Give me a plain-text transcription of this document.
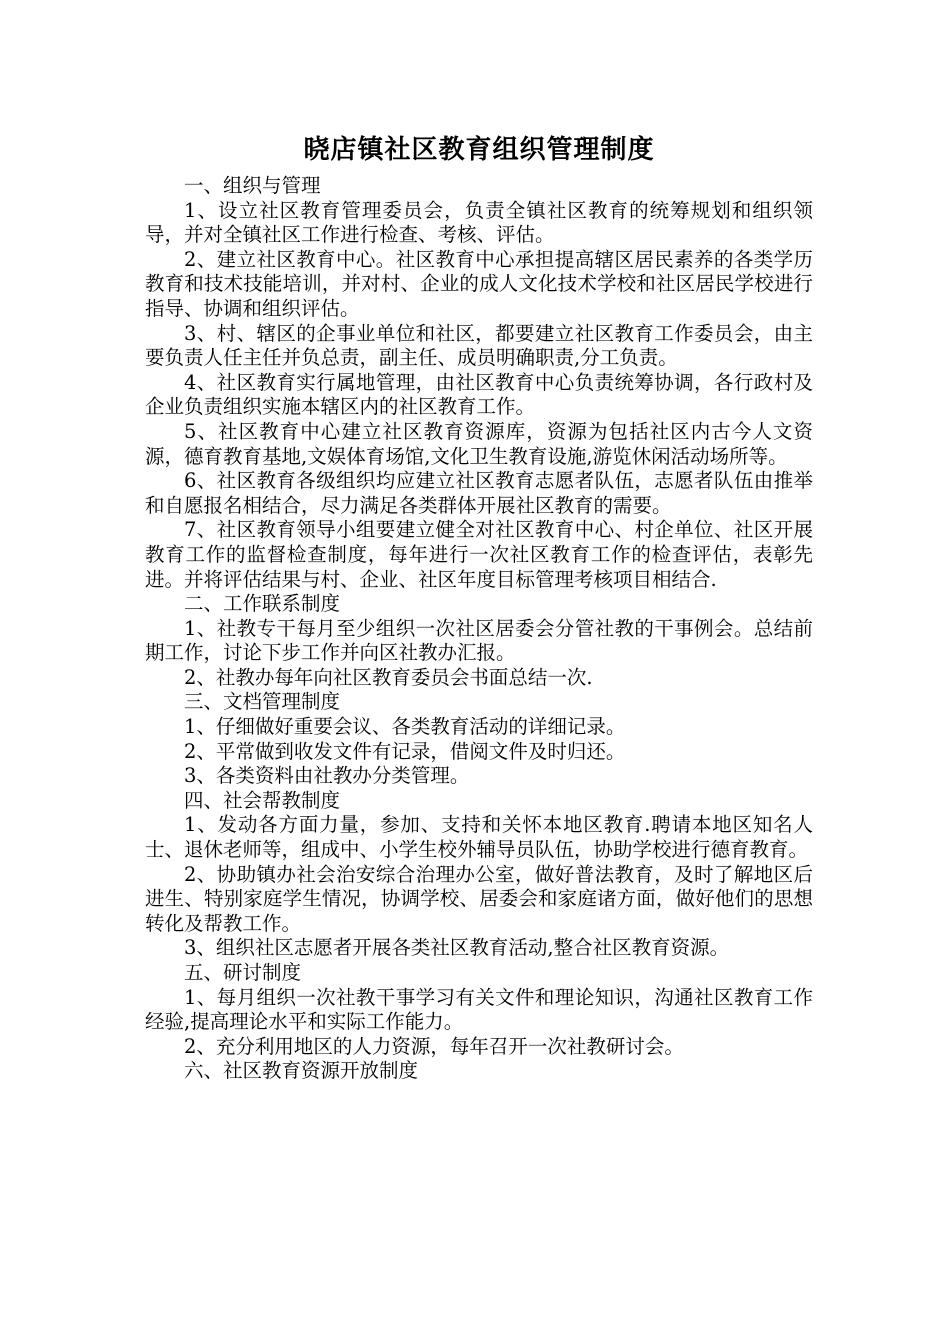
晓店镇社区教育组织管理制度

一、组织与管理

1、设立社区教育管理委员会，负责全镇社区教育的统筹规划和组织领导，并对全镇社区工作进行检查、考核、评估。

2、建立社区教育中心。社区教育中心承担提高辖区居民素养的各类学历教育和技术技能培训，并对村、企业的成人文化技术学校和社区居民学校进行指导、协调和组织评估。

3、村、辖区的企事业单位和社区，都要建立社区教育工作委员会，由主要负责人任主任并负总责，副主任、成员明确职责,分工负责。

4、社区教育实行属地管理，由社区教育中心负责统筹协调，各行政村及企业负责组织实施本辖区内的社区教育工作。

5、社区教育中心建立社区教育资源库，资源为包括社区内古今人文资源，德育教育基地,文娱体育场馆,文化卫生教育设施,游览休闲活动场所等。

6、社区教育各级组织均应建立社区教育志愿者队伍，志愿者队伍由推举和自愿报名相结合，尽力满足各类群体开展社区教育的需要。

7、社区教育领导小组要建立健全对社区教育中心、村企单位、社区开展教育工作的监督检查制度，每年进行一次社区教育工作的检查评估，表彰先进。并将评估结果与村、企业、社区年度目标管理考核项目相结合.

二、工作联系制度

1、社教专干每月至少组织一次社区居委会分管社教的干事例会。总结前期工作，讨论下步工作并向区社教办汇报。

2、社教办每年向社区教育委员会书面总结一次.

三、文档管理制度

1、仔细做好重要会议、各类教育活动的详细记录。

2、平常做到收发文件有记录，借阅文件及时归还。

3、各类资料由社教办分类管理。

四、社会帮教制度

1、发动各方面力量，参加、支持和关怀本地区教育.聘请本地区知名人士、退休老师等，组成中、小学生校外辅导员队伍，协助学校进行德育教育。

2、协助镇办社会治安综合治理办公室，做好普法教育，及时了解地区后进生、特别家庭学生情况，协调学校、居委会和家庭诸方面，做好他们的思想转化及帮教工作。

3、组织社区志愿者开展各类社区教育活动,整合社区教育资源。

五、研讨制度

1、每月组织一次社教干事学习有关文件和理论知识，沟通社区教育工作经验,提高理论水平和实际工作能力。

2、充分利用地区的人力资源，每年召开一次社教研讨会。

六、社区教育资源开放制度
